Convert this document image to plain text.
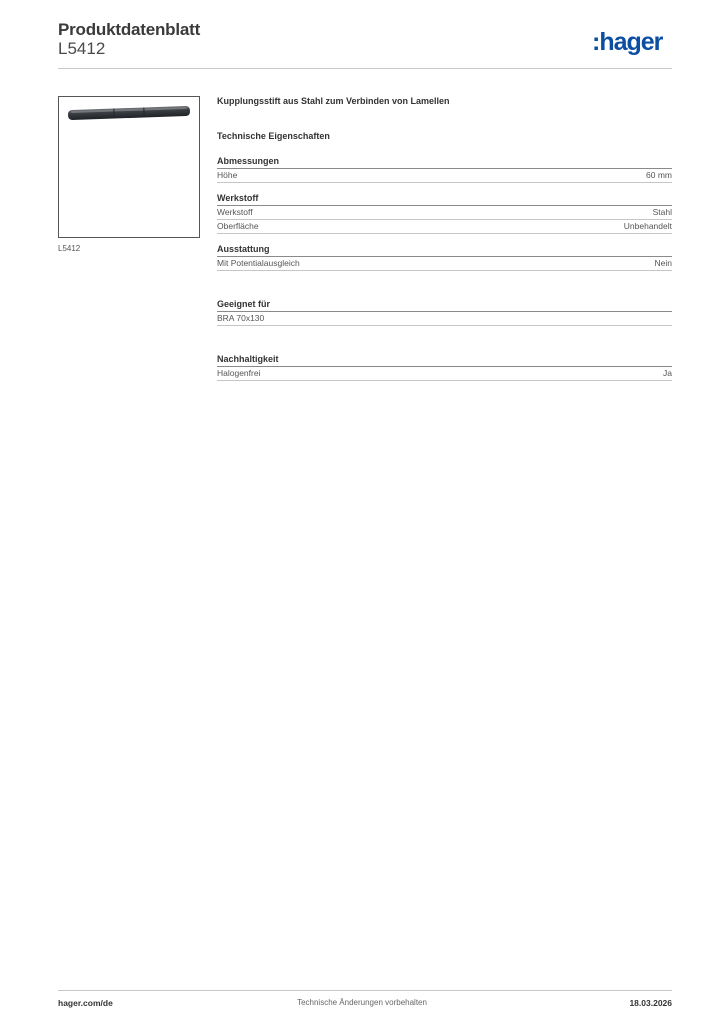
Produktdatenblatt
L5412	:hager
L5412
Kupplungsstift aus Stahl zum Verbinden von Lamellen
Technische Eigenschaften
Abmessungen
Höhe	60 mm
Werkstoff
Werkstoff	Stahl
Oberfläche	Unbehandelt
Ausstattung
Mit Potentialausgleich	Nein
Geeignet für
BRA 70x130
Nachhaltigkeit
Halogenfrei	Ja
hager.com/de	Technische Änderungen vorbehalten	18.03.2026
